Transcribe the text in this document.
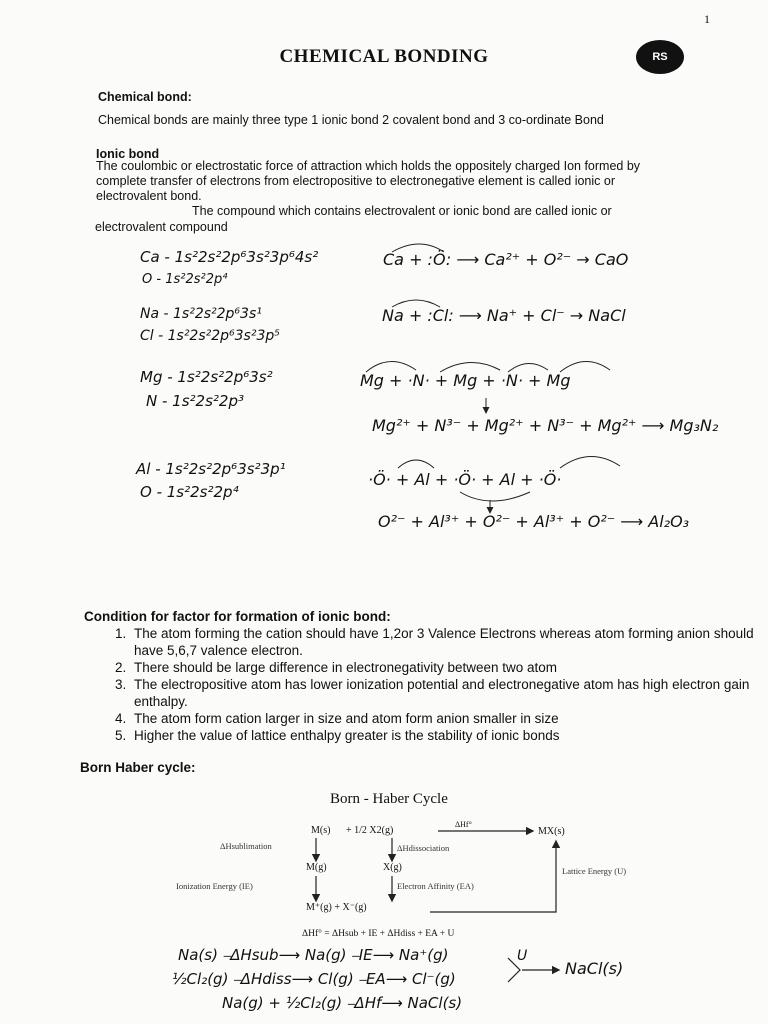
1
CHEMICAL BONDING	RS
Chemical bond:
Chemical bonds are mainly three type 1 ionic bond 2 covalent bond and 3 co-ordinate Bond
Ionic bond
The coulombic or electrostatic force of attraction which holds the oppositely charged Ion formed by
complete transfer of electrons from electropositive to electronegative element is called ionic or
electrovalent bond.
The compound which contains electrovalent or ionic bond are called ionic or
electrovalent compound
Ca - 1s²2s²2p⁶3s²3p⁶4s²
O - 1s²2s²2p⁴
Ca + :Ö: ⟶ Ca²⁺ + O²⁻ → CaO
Na - 1s²2s²2p⁶3s¹
Cl - 1s²2s²2p⁶3s²3p⁵
Na + :Cl: ⟶ Na⁺ + Cl⁻ → NaCl
Mg - 1s²2s²2p⁶3s²
N - 1s²2s²2p³
Mg + ·N· + Mg + ·N· + Mg
Mg²⁺ + N³⁻ + Mg²⁺ + N³⁻ + Mg²⁺ ⟶ Mg₃N₂
Al - 1s²2s²2p⁶3s²3p¹
O - 1s²2s²2p⁴
·Ö· + Al + ·Ö· + Al + ·Ö·
O²⁻ + Al³⁺ + O²⁻ + Al³⁺ + O²⁻ ⟶ Al₂O₃
Condition for factor for formation of ionic bond:
1. The atom forming the cation should have 1,2or 3 Valence Electrons whereas atom forming anion should have 5,6,7 valence electron.
2. There should be large difference in electronegativity between two atom
3. The electropositive atom has lower ionization potential and electronegative atom has high electron gain enthalpy.
4. The atom form cation larger in size and atom form anion smaller in size
5. Higher the value of lattice enthalpy greater is the stability of ionic bonds
Born Haber cycle:
Born - Haber Cycle
M(s) + 1/2 X2(g)
ΔHf°
MX(s)
ΔHsublimation	ΔHdissociation
M(g)	X(g)
Ionization Energy (IE)	Electron Affinity (EA)
Lattice Energy (U)
M⁺(g) + X⁻(g)
ΔHf° = ΔHsub + IE + ΔHdiss + EA + U
Na(s) ⎯ΔHsub⟶ Na(g) ⎯IE⟶ Na⁺(g)
½Cl₂(g) ⎯ΔHdiss⟶ Cl(g) ⎯EA⟶ Cl⁻(g)
U
NaCl(s)
Na(g) + ½Cl₂(g) ⎯ΔHf⟶ NaCl(s)
